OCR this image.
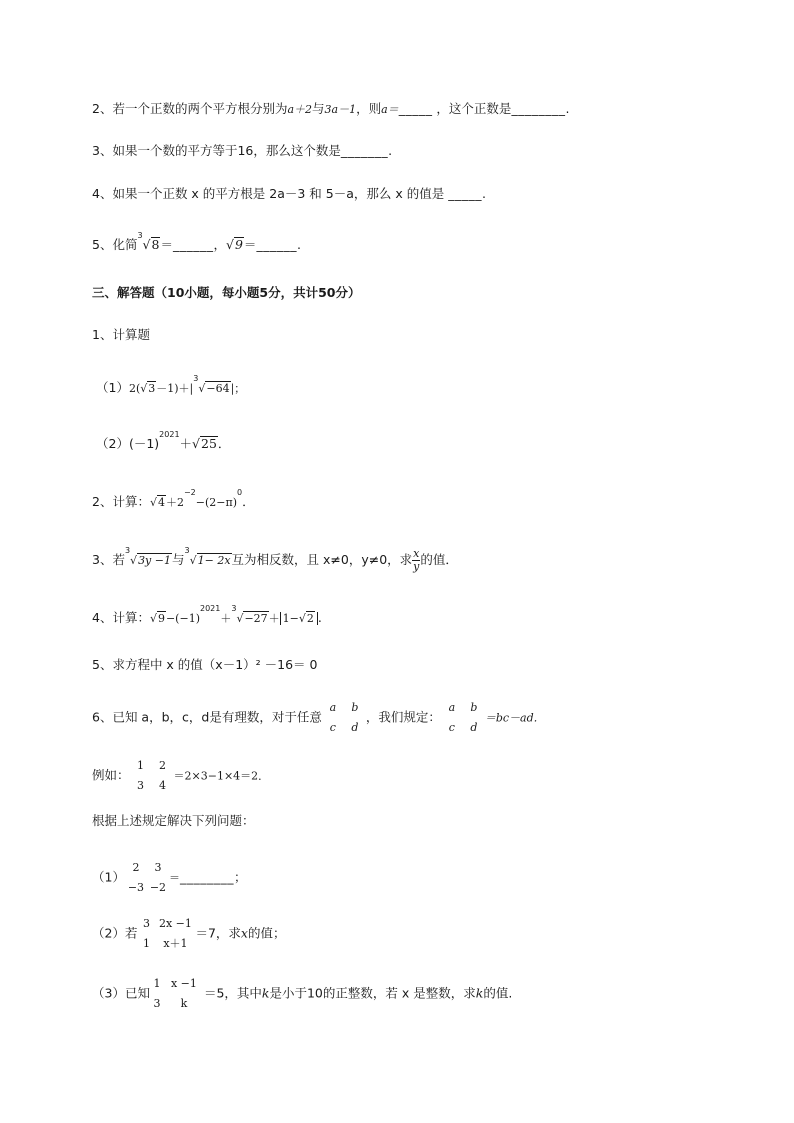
2、若一个正数的两个平方根分别为a＋2与3a－1，则a＝_____ ，这个正数是________.
3、如果一个数的平方等于16，那么这个数是_______.
4、如果一个正数 x 的平方根是 2a－3 和 5－a，那么 x 的值是 _____.
5、化简$^3$√8＝______，√9＝______.
三、解答题（10小题，每小题5分，共计50分）
1、计算题
$(1)2(√3-1)+|^3√-64|$；
$(2)(-1)^{2021}+√25$．
2、计算：$√4+2^{-2}-(2-\pi)^0$．
3、若$^3$√3y −1与$^3$√1− 2x互为相反数，且 x≠0，y≠0，求 $\frac{x}{y}$ 的值．
4、计算：$√9-(-1)^{2021}+^3√-27+ 1-√2$ .
5、求方程中 x 的值（x－1）² －16＝ 0
6、已知 a，b，c，d是有理数，对于任意
a b
c d
，我们规定：
a b
c d
＝bc－ad．
例如：
1 2
3 4
＝2×3−1×4＝2．
根据上述规定解决下列问题：
（1）
2 3
−3 −2
＝________；
（2）若
3 2x −1
1 x＋1
＝7，求x的值；
（3）已知
1 x −1
3 k
＝5，其中k是小于10的正整数，若 x 是整数，求k的值.
